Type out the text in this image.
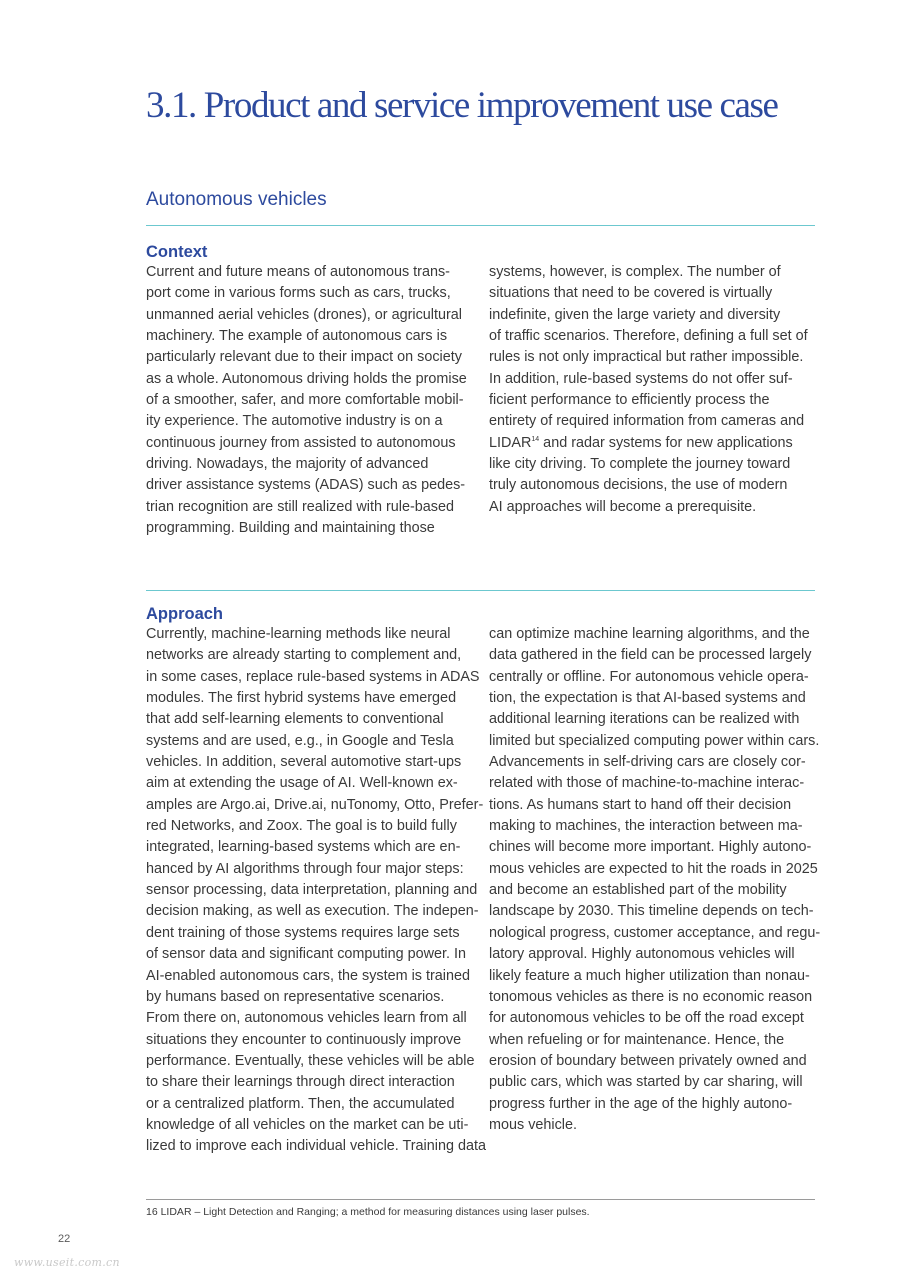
3.1. Product and service improvement use case
Autonomous vehicles
Context
Current and future means of autonomous trans-
port come in various forms such as cars, trucks,
unmanned aerial vehicles (drones), or agricultural
machinery. The example of autonomous cars is
particularly relevant due to their impact on society
as a whole. Autonomous driving holds the promise
of a smoother, safer, and more comfortable mobil-
ity experience. The automotive industry is on a
continuous journey from assisted to autonomous
driving. Nowadays, the majority of advanced
driver assistance systems (ADAS) such as pedes-
trian recognition are still realized with rule-based
programming. Building and maintaining those
systems, however, is complex. The number of
situations that need to be covered is virtually
indefinite, given the large variety and diversity
of traffic scenarios. Therefore, defining a full set of
rules is not only impractical but rather impossible.
In addition, rule-based systems do not offer suf-
ficient performance to efficiently process the
entirety of required information from cameras and
LIDAR$^{14}$ and radar systems for new applications
like city driving. To complete the journey toward
truly autonomous decisions, the use of modern
AI approaches will become a prerequisite.
Approach
Currently, machine-learning methods like neural
networks are already starting to complement and,
in some cases, replace rule-based systems in ADAS
modules. The first hybrid systems have emerged
that add self-learning elements to conventional
systems and are used, e.g., in Google and Tesla
vehicles. In addition, several automotive start-ups
aim at extending the usage of AI. Well-known ex-
amples are Argo.ai, Drive.ai, nuTonomy, Otto, Prefer-
red Networks, and Zoox. The goal is to build fully
integrated, learning-based systems which are en-
hanced by AI algorithms through four major steps:
sensor processing, data interpretation, planning and
decision making, as well as execution. The indepen-
dent training of those systems requires large sets
of sensor data and significant computing power. In
AI-enabled autonomous cars, the system is trained
by humans based on representative scenarios.
From there on, autonomous vehicles learn from all
situations they encounter to continuously improve
performance. Eventually, these vehicles will be able
to share their learnings through direct interaction
or a centralized platform. Then, the accumulated
knowledge of all vehicles on the market can be uti-
lized to improve each individual vehicle. Training data
can optimize machine learning algorithms, and the
data gathered in the field can be processed largely
centrally or offline. For autonomous vehicle opera-
tion, the expectation is that AI-based systems and
additional learning iterations can be realized with
limited but specialized computing power within cars.
Advancements in self-driving cars are closely cor-
related with those of machine-to-machine interac-
tions. As humans start to hand off their decision
making to machines, the interaction between ma-
chines will become more important. Highly autono-
mous vehicles are expected to hit the roads in 2025
and become an established part of the mobility
landscape by 2030. This timeline depends on tech-
nological progress, customer acceptance, and regu-
latory approval. Highly autonomous vehicles will
likely feature a much higher utilization than nonau-
tonomous vehicles as there is no economic reason
for autonomous vehicles to be off the road except
when refueling or for maintenance. Hence, the
erosion of boundary between privately owned and
public cars, which was started by car sharing, will
progress further in the age of the highly autono-
mous vehicle.
16 LIDAR – Light Detection and Ranging; a method for measuring distances using laser pulses.
22
www.useit.com.cn
